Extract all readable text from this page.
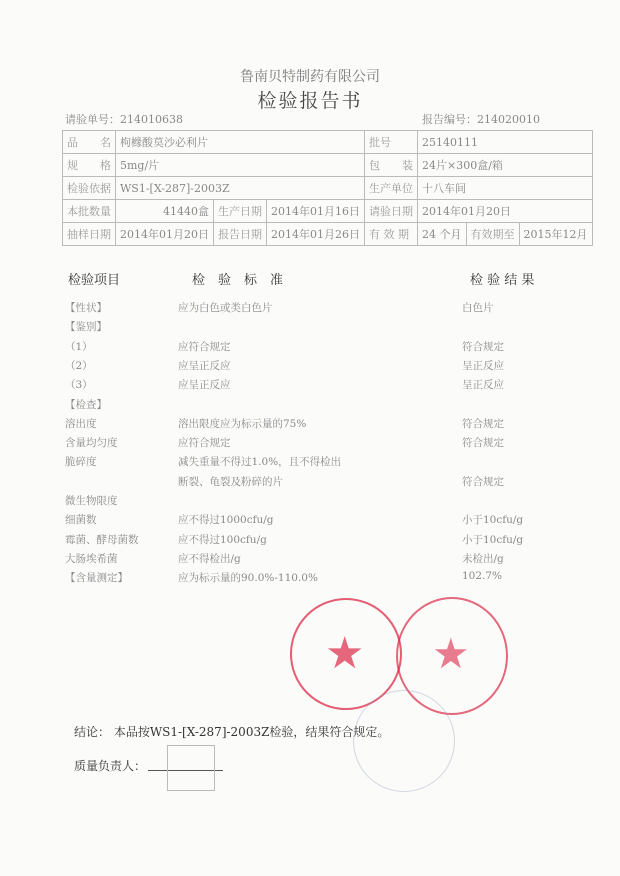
鲁南贝特制药有限公司
检验报告书
请验单号：214010638	报告编号：214020010
品　　名	枸橼酸莫沙必利片			批号	25140111		
规　　格	5mg/片			包　　装	24片×300盒/箱		
检验依据	WS1-[X-287]-2003Z			生产单位	十八车间		
本批数量	41440盒	生产日期	2014年01月16日	请验日期	2014年01月20日		
抽样日期	2014年01月20日	报告日期	2014年01月26日	有 效 期	24 个月	有效期至	2015年12月
检验项目	检　验　标　准	检 验 结 果
★ ★
结论： 本品按WS1-[X-287]-2003Z检验，结果符合规定。
质量负责人：
【性状】	应为白色或类白色片	白色片
【鉴别】
（1）	应符合规定	符合规定
（2）	应呈正反应	呈正反应
（3）	应呈正反应	呈正反应
【检查】
溶出度	溶出限度应为标示量的75%	符合规定
含量均匀度	应符合规定	符合规定
脆碎度	减失重量不得过1.0%，且不得检出
断裂、龟裂及粉碎的片	符合规定
微生物限度
细菌数	应不得过1000cfu/g	小于10cfu/g
霉菌、酵母菌数	应不得过100cfu/g	小于10cfu/g
大肠埃希菌	应不得检出/g	未检出/g
【含量测定】	应为标示量的90.0%-110.0%	102.7%
